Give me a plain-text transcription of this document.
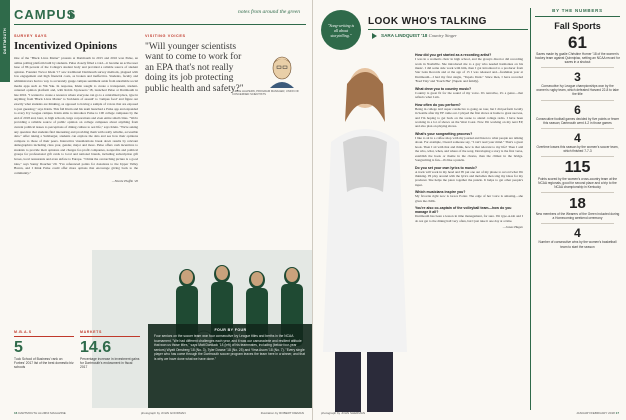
DARTMOUTH
CAMPUS	notes from around the green
SURVEY SAYS
Incentivized Opinions

One of the "Black Lives Matter" protests at Dartmouth in 2015 and 2016 won Pulse, an online polling platform built by students. Pulse closely filled a void—it became an active user base of 86 percent of the College's student body and provided a reliable source of student opinion. Founder Trevor Klein '17 saw traditional Dartmouth survey methods, plagued with low engagement and high financial costs, as broken and ineffective. Students, faculty and administrators had no way to accurately gauge campus sentiment aside from unreliable social media apps such as Yik Yak. In response, Klein sought to create a transparent, student-centered opinion platform and, with Robin Jayaweera '18, launched Pulse at Dartmouth in late 2016. "I wanted to create a resource where everyone can go to a centralized place, type in anything from 'Black Lives Matter' to 'incidents of assault' to 'campus food' and figure out exactly what students are thinking, as opposed to having a sample of voices that are exposed to just guessing," says Klein. This fall Klein and his team launched a Pulse app and expanded to every Ivy League campus. Klein aims to introduce Pulse to 100 college campuses by the end of 2018 and, later, to high schools, large corporations and even entire small cities. "We're providing a reliable source of public opinion on college campuses about anything from current political issues to perceptions of dining culture to sex life," says Klein. "We're asking any question that students find interesting and providing them with really reliable, accessible data." After taking a Sulzberger, students can explore the data and see how their opinions compare to those of their peers. Interactive visualizations break down results by relevant demographics including class year, gender, major and more. Pulse offers cash incentives to students to provide their opinions and charges for-profit companies, nonprofits and political groups for professional gift cards to local and national brands, including subscription gift boxes, local restaurants and even airfare to Europe. "I think the overarching picture is a good idea," says Sanny Doucher '20. "I've referenced points for donations to the Upper Valley Haven, and I think Pulse could offer more options that encourage giving back to the community."

—Nicole Plaffin '20

VISITING VOICES
"Will younger scientists want to come to work for an EPA that's not really doing its job protecting public health and safety?"
—MIKE HALPERN, PROGRAM MANAGER, UNION OF CONCERNED SCIENTISTS
FOUR BY FOUR
Four seniors on the soccer team won four consecutive Ivy League titles and berths in the NCAA tournament. "We had different challenges each year, and it was our camaraderie and resilient attitude that won us those titles," says Matt Danilack '18 (left) of his teammates, including (below four-year seniors) Wyatt Omsberg '18 (No. 3), Tyler Dowse '18 (No. 25) and Yima Asom '18 (No. 7). "Every single player who has come through the Dartmouth soccer program leaves the team here in a winner, and that is why we have done what we have done."
M.B.A.S
5
Tuck School of Business' rank on Forbes' 2017 list of the best domestic biz schools
MARKETS
14.6
Percentage increase in investment gains for Dartmouth's endowment in fiscal 2017
16 DARTMOUTH ALUMNI MAGAZINE	photograph by JOHN GOODMAN	illustration by ROBERT DIEMAN
"Song-writing is all about storytelling."
LOOK WHO'S TALKING
SARA LINDQUIST '18 Country Singer
How did you get started as a recording artist?
I was in a women's choir in high school, and the group's director did recording work in Nashville. She introduced me to a guy who needed harmonies on his music. I did some side work with him, then I got introduced to a producer from Star Gala Records and at the age of 15 I was released and—freshman year at Dartmouth—I had my first single, "Tupelo Dark." Since then, I have recorded 'Feed Tiny' and 'Touch Her' (Tupelo and family).
What drew you to country music?
Country is great fit for the sound of my voice. It's narrative, it's a genre—that reflects what I am.
How often do you perform?
Being in college isn't super conducive to going on tour, but I did perform locally in Seattle after my EP came out. I played the first shows at home to great success, and I'm hoping to get back on the scene to attend college radio. I have been working in a lot of shows on the West Coast. Now I'm working on my next EP, and also plan on playing shows.
What's your songwriting process?
I like to sit in a coffee shop with my journal and listen to what people are talking about. For example, I heard someone say, "I can't read your mind." That's a great hook. Then I sit with that and think, how is that relevant to my life? Then I add the who, what, when, and where of the song. Developing a story is the first verse, establish the hook or theme in the chorus, then the climax in the bridge. Songwriting is fun—it's like a puzzle.
Do you set your own lyrics to music?
A track will work in my head and I'll put one out of my phone to record what I'm thinking. I'll play around with the lyrics and melodies then sing my ideas for my producer. She helps me piece together the puzzle. It helps to get other people's input.
Which musicians inspire you?
My favorite right now is Grace Potter. The edge of her voice is amazing—she gives me chills.
You're also co-captain of the volleyball team—how do you manage it all?
Dartmouth has been a lesson in time management, for sure. I'm type-A-ish and I do not get to the dining hall very often, but I just take it one day at a time.
—Jonas Hagen
BY THE NUMBERS
Fall Sports
61
Saves made by goalie Christine Horner '18 of the women's hockey team against Quinnipiac, setting an NCAA record for saves in a shutout
3
Consecutive Ivy League championships won by the women's rugby team, which defeated Harvard 22-8 to take the title
6
Consecutive football games decided by five points or fewer this season; Dartmouth went 4-2 in those games
4
Overtime losses this season by the women's soccer team, which finished 7-7-3
115
Points scored by the women's cross-country team at the NCAA regionals, good for second place and a trip to the NCAA championship in Kentucky
18
New members of the Wearers of the Green inducted during a Homecoming weekend ceremony
4
Number of consecutive wins by the women's basketball team to start the season
photograph by JOHN SHERMAN	JANUARY/FEBRUARY 2018 17
